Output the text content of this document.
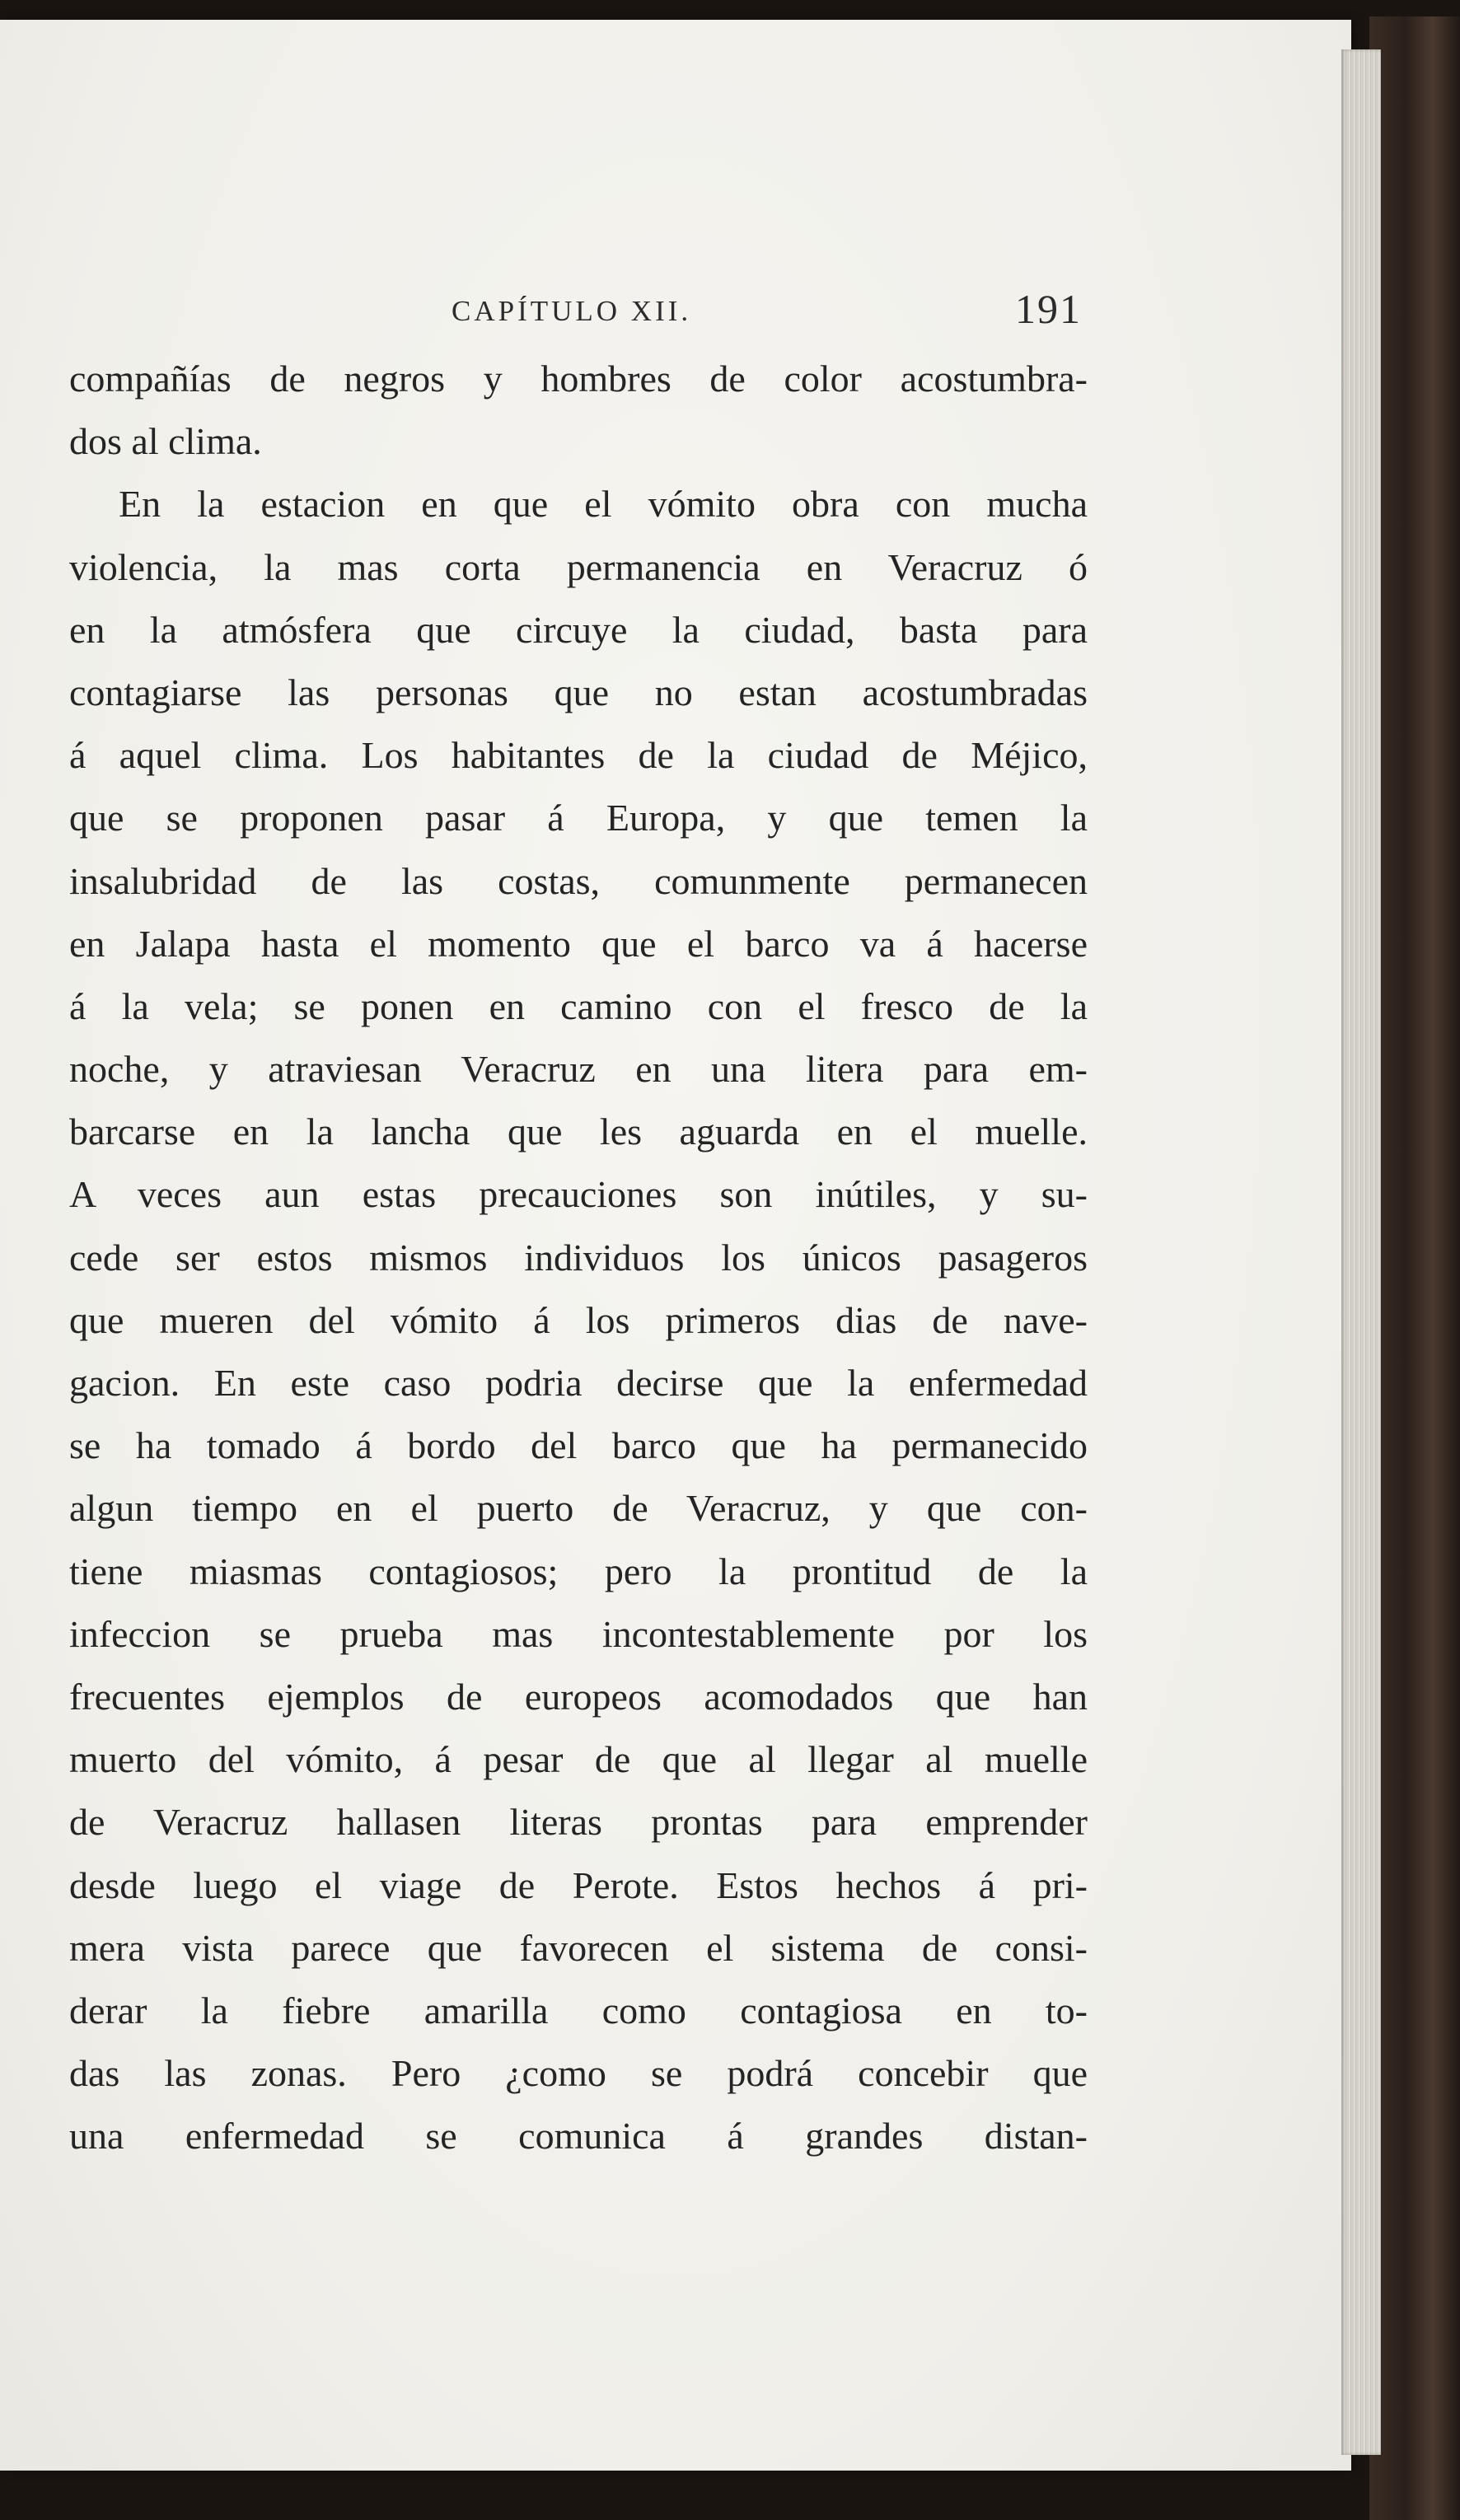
CAPÍTULO XII.	191
compañías de negros y hombres de color acostumbra-
dos al clima.
En la estacion en que el vómito obra con mucha
violencia, la mas corta permanencia en Veracruz ó
en la atmósfera que circuye la ciudad, basta para
contagiarse las personas que no estan acostumbradas
á aquel clima. Los habitantes de la ciudad de Méjico,
que se proponen pasar á Europa, y que temen la
insalubridad de las costas, comunmente permanecen
en Jalapa hasta el momento que el barco va á hacerse
á la vela; se ponen en camino con el fresco de la
noche, y atraviesan Veracruz en una litera para em-
barcarse en la lancha que les aguarda en el muelle.
A veces aun estas precauciones son inútiles, y su-
cede ser estos mismos individuos los únicos pasageros
que mueren del vómito á los primeros dias de nave-
gacion. En este caso podria decirse que la enfermedad
se ha tomado á bordo del barco que ha permanecido
algun tiempo en el puerto de Veracruz, y que con-
tiene miasmas contagiosos; pero la prontitud de la
infeccion se prueba mas incontestablemente por los
frecuentes ejemplos de europeos acomodados que han
muerto del vómito, á pesar de que al llegar al muelle
de Veracruz hallasen literas prontas para emprender
desde luego el viage de Perote. Estos hechos á pri-
mera vista parece que favorecen el sistema de consi-
derar la fiebre amarilla como contagiosa en to-
das las zonas. Pero ¿como se podrá concebir que
una enfermedad se comunica á grandes distan-
